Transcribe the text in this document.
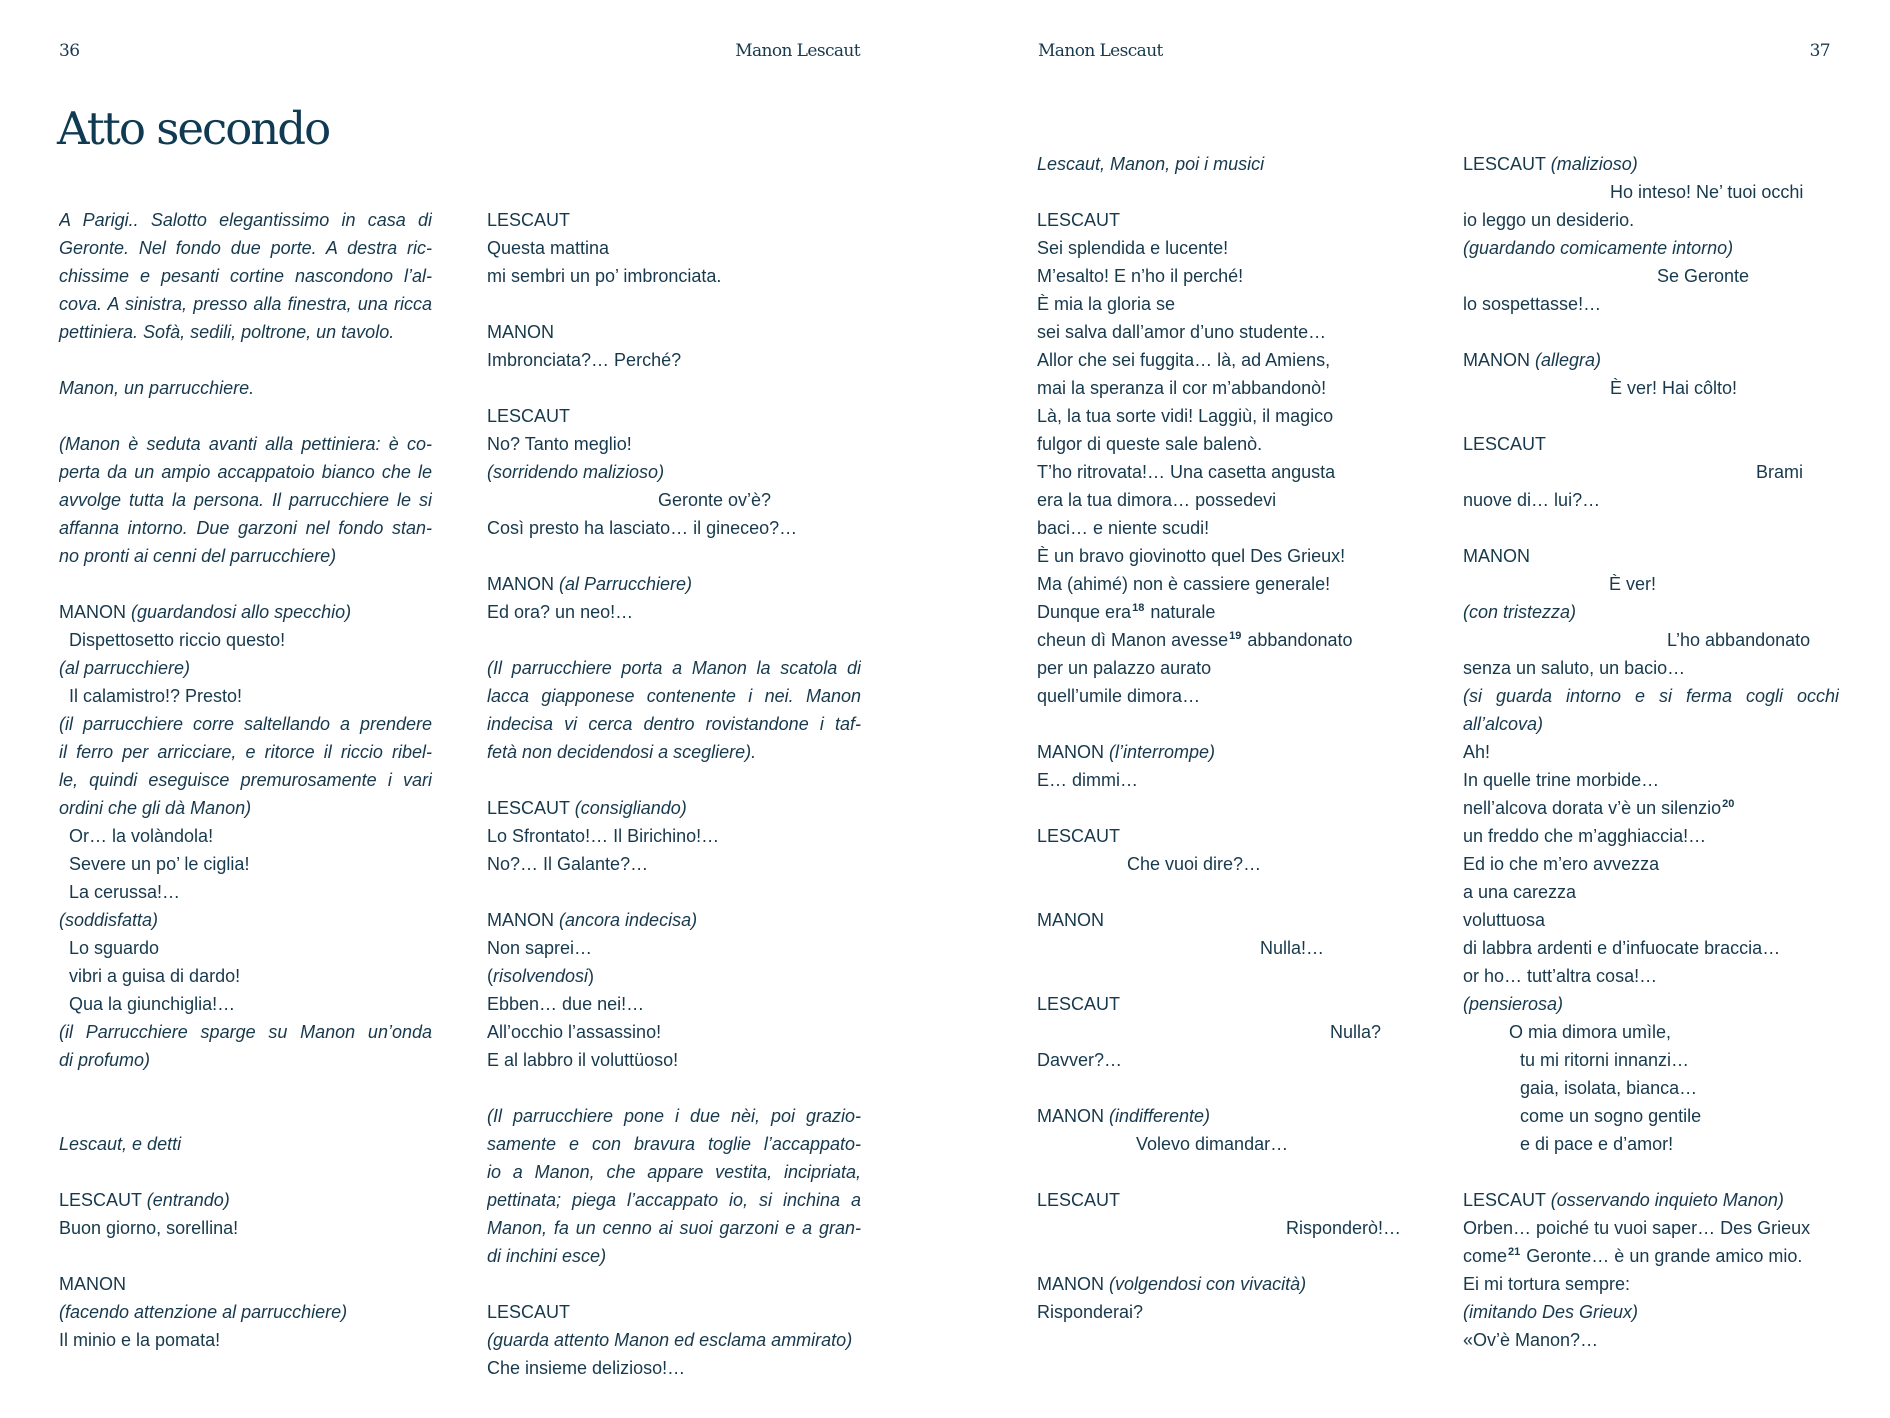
36	Manon Lescaut
Atto secondo
A Parigi.. Salotto elegantissimo in casa di
Geronte. Nel fondo due porte. A destra ric-
chissime e pesanti cortine nascondono l’al-
cova. A sinistra, presso alla finestra, una ricca
pettiniera. Sofà, sedili, poltrone, un tavolo.
Manon, un parrucchiere.
(Manon è seduta avanti alla pettiniera: è co-
perta da un ampio accappatoio bianco che le
avvolge tutta la persona. Il parrucchiere le si
affanna intorno. Due garzoni nel fondo stan-
no pronti ai cenni del parrucchiere)
MANON (guardandosi allo specchio)
Dispettosetto riccio questo!
(al parrucchiere)
Il calamistro!? Presto!
(il parrucchiere corre saltellando a prendere
il ferro per arricciare, e ritorce il riccio ribel-
le, quindi eseguisce premurosamente i vari
ordini che gli dà Manon)
Or… la volàndola!
Severe un po’ le ciglia!
La cerussa!…
(soddisfatta)
Lo sguardo
vibri a guisa di dardo!
Qua la giunchiglia!…
(il Parrucchiere sparge su Manon un’onda
di profumo)
Lescaut, e detti
LESCAUT (entrando)
Buon giorno, sorellina!
MANON
(facendo attenzione al parrucchiere)
Il minio e la pomata!
LESCAUT
Questa mattina
mi sembri un po’ imbronciata.
MANON
Imbronciata?… Perché?
LESCAUT
No? Tanto meglio!
(sorridendo malizioso)
Geronte ov’è?
Così presto ha lasciato… il gineceo?…
MANON (al Parrucchiere)
Ed ora? un neo!…
(Il parrucchiere porta a Manon la scatola di
lacca giapponese contenente i nei. Manon
indecisa vi cerca dentro rovistandone i taf-
fetà non decidendosi a scegliere).
LESCAUT (consigliando)
Lo Sfrontato!… Il Birichino!…
No?… Il Galante?…
MANON (ancora indecisa)
Non saprei…
(risolvendosi)
Ebben… due nei!…
All’occhio l’assassino!
E al labbro il voluttüoso!
(Il parrucchiere pone i due nèi, poi grazio-
samente e con bravura toglie l’accappato-
io a Manon, che appare vestita, incipriata,
pettinata; piega l’accappato io, si inchina a
Manon, fa un cenno ai suoi garzoni e a gran-
di inchini esce)
LESCAUT
(guarda attento Manon ed esclama ammirato)
Che insieme delizioso!…
Manon Lescaut	37
Lescaut, Manon, poi i musici
LESCAUT
Sei splendida e lucente!
M’esalto! E n’ho il perché!
È mia la gloria se
sei salva dall’amor d’uno studente…
Allor che sei fuggita… là, ad Amiens,
mai la speranza il cor m’abbandonò!
Là, la tua sorte vidi! Laggiù, il magico
fulgor di queste sale balenò.
T’ho ritrovata!… Una casetta angusta
era la tua dimora… possedevi
baci… e niente scudi!
È un bravo giovinotto quel Des Grieux!
Ma (ahimé) non è cassiere generale!
Dunque era$^{18}$ naturale
cheun dì Manon avesse$^{19}$ abbandonato
per un palazzo aurato
quell’umile dimora…
MANON (l’interrompe)
E… dimmi…
LESCAUT
Che vuoi dire?…
MANON
Nulla!…
LESCAUT
Nulla?
Davver?…
MANON (indifferente)
Volevo dimandar…
LESCAUT
Risponderò!…
MANON (volgendosi con vivacità)
Risponderai?
LESCAUT (malizioso)
Ho inteso! Ne’ tuoi occhi
io leggo un desiderio.
(guardando comicamente intorno)
Se Geronte
lo sospettasse!…
MANON (allegra)
È ver! Hai côlto!
LESCAUT
Brami
nuove di… lui?…
MANON
È ver!
(con tristezza)
L’ho abbandonato
senza un saluto, un bacio…
(si guarda intorno e si ferma cogli occhi
all’alcova)
Ah!
In quelle trine morbide…
nell’alcova dorata v’è un silenzio$^{20}$
un freddo che m’agghiaccia!…
Ed io che m’ero avvezza
a una carezza
voluttuosa
di labbra ardenti e d’infuocate braccia…
or ho… tutt’altra cosa!…
(pensierosa)
O mia dimora umìle,
tu mi ritorni innanzi…
gaia, isolata, bianca…
come un sogno gentile
e di pace e d’amor!
LESCAUT (osservando inquieto Manon)
Orben… poiché tu vuoi saper… Des Grieux
come$^{21}$ Geronte… è un grande amico mio.
Ei mi tortura sempre:
(imitando Des Grieux)
«Ov’è Manon?…
